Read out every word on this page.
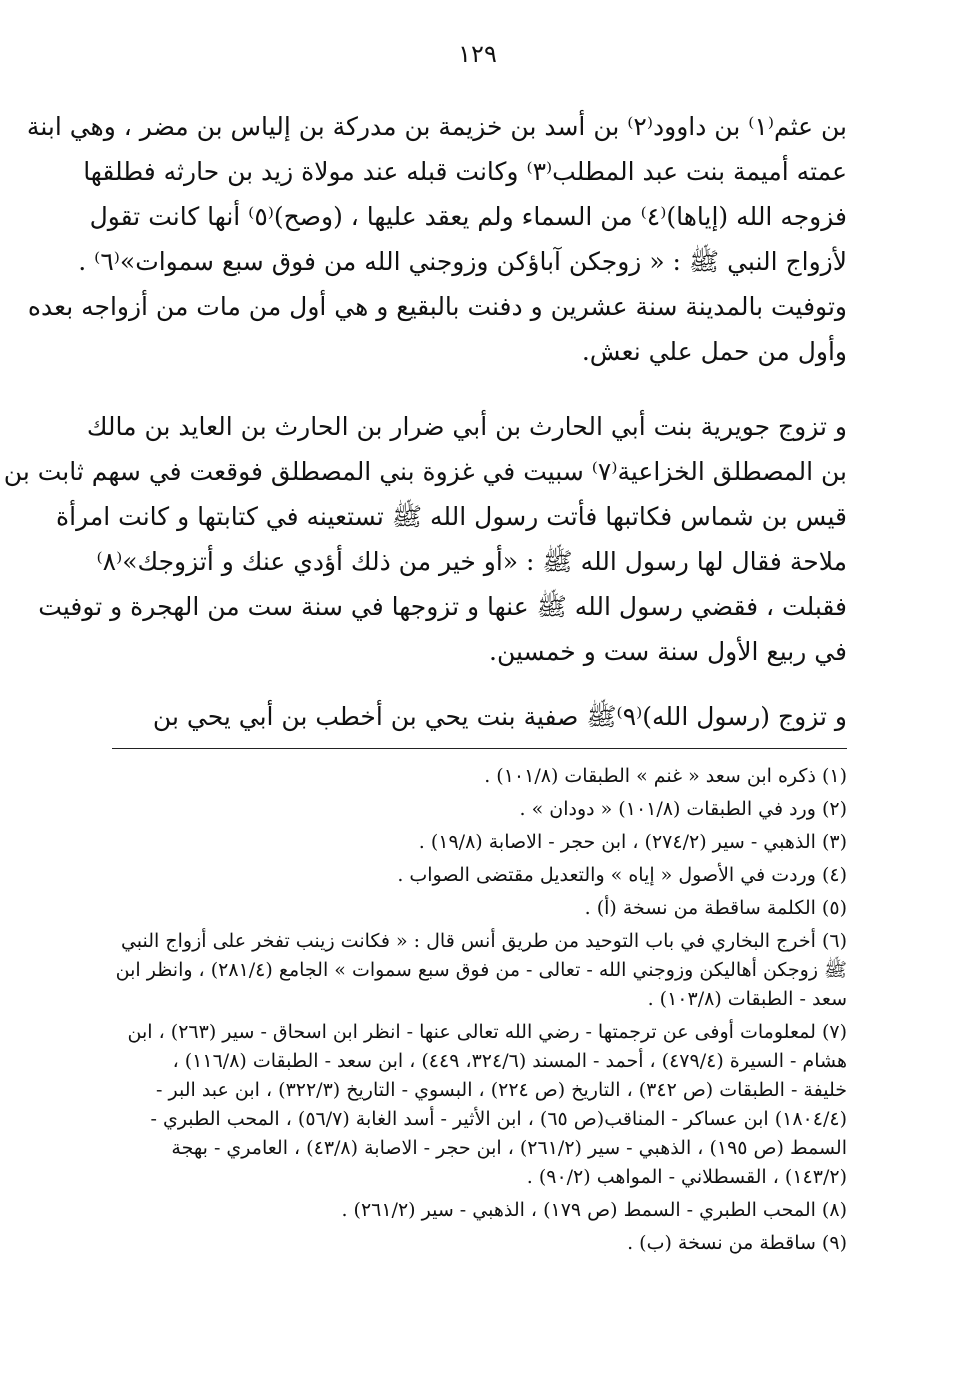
١٢٩
بن عثم⁽١⁾ بن داوود⁽٢⁾ بن أسد بن خزيمة بن مدركة بن إلياس بن مضر ، وهي ابنة
عمته أميمة بنت عبد المطلب⁽٣⁾ وكانت قبله عند مولاة زيد بن حارثه فطلقها
فزوجه الله (إياها)⁽٤⁾ من السماء ولم يعقد عليها ، (وصح)⁽٥⁾ أنها كانت تقول
لأزواج النبي ﷺ : « زوجكن آباؤكن وزوجني الله من فوق سبع سموات»⁽٦⁾ .
وتوفيت بالمدينة سنة عشرين و دفنت بالبقيع و هي أول من مات من أزواجه بعده
وأول من حمل علي نعش.
و تزوج جويرية بنت أبي الحارث بن أبي ضرار بن الحارث بن العايد بن مالك
بن المصطلق الخزاعية⁽٧⁾ سبيت في غزوة بني المصطلق فوقعت في سهم ثابت بن
قيس بن شماس فكاتبها فأتت رسول الله ﷺ تستعينه في كتابتها و كانت امرأة
ملاحة فقال لها رسول الله ﷺ : «أو خير من ذلك أؤدي عنك و أتزوجك»⁽٨⁾
فقبلت ، فقضي رسول الله ﷺ عنها و تزوجها في سنة ست من الهجرة و توفيت
في ربيع الأول سنة ست و خمسين.
و تزوج (رسول الله)⁽٩⁾ﷺ صفية بنت يحي بن أخطب بن أبي يحي بن
(١) ذكره ابن سعد « غنم » الطبقات (١٠١/٨) .
(٢) ورد في الطبقات (١٠١/٨) « دودان » .
(٣) الذهبي - سير (٢٧٤/٢) ، ابن حجر - الاصابة (١٩/٨) .
(٤) وردت في الأصول « إياه » والتعديل مقتضى الصواب .
(٥) الكلمة ساقطة من نسخة (أ) .
(٦) أخرج البخاري في باب التوحيد من طريق أنس قال : « فكانت زينب تفخر على أزواج النبي
ﷺ زوجكن أهاليكن وزوجني الله - تعالى - من فوق سبع سموات » الجامع (٢٨١/٤) ، وانظر ابن
سعد - الطبقات (١٠٣/٨) .
(٧) لمعلومات أوفى عن ترجمتها - رضي الله تعالى عنها - انظر ابن اسحاق - سير (٢٦٣) ، ابن
هشام - السيرة (٤٧٩/٤) ، أحمد - المسند (٣٢٤/٦، ٤٤٩) ، ابن سعد - الطبقات (١١٦/٨) ،
خليفة - الطبقات (ص ٣٤٢) ، التاريخ (ص ٢٢٤) ، البسوي - التاريخ (٣٢٢/٣) ، ابن عبد البر -
(١٨٠٤/٤) ابن عساكر - المناقب(ص ٦٥) ، ابن الأثير - أسد الغابة (٥٦/٧) ، المحب الطبري -
السمط (ص ١٩٥) ، الذهبي - سير (٢٦١/٢) ، ابن حجر - الاصابة (٤٣/٨) ، العامري - بهجة
(١٤٣/٢) ، القسطلاني - المواهب (٩٠/٢) .
(٨) المحب الطبري - السمط (ص ١٧٩) ، الذهبي - سير (٢٦١/٢) .
(٩) ساقطة من نسخة (ب) .
